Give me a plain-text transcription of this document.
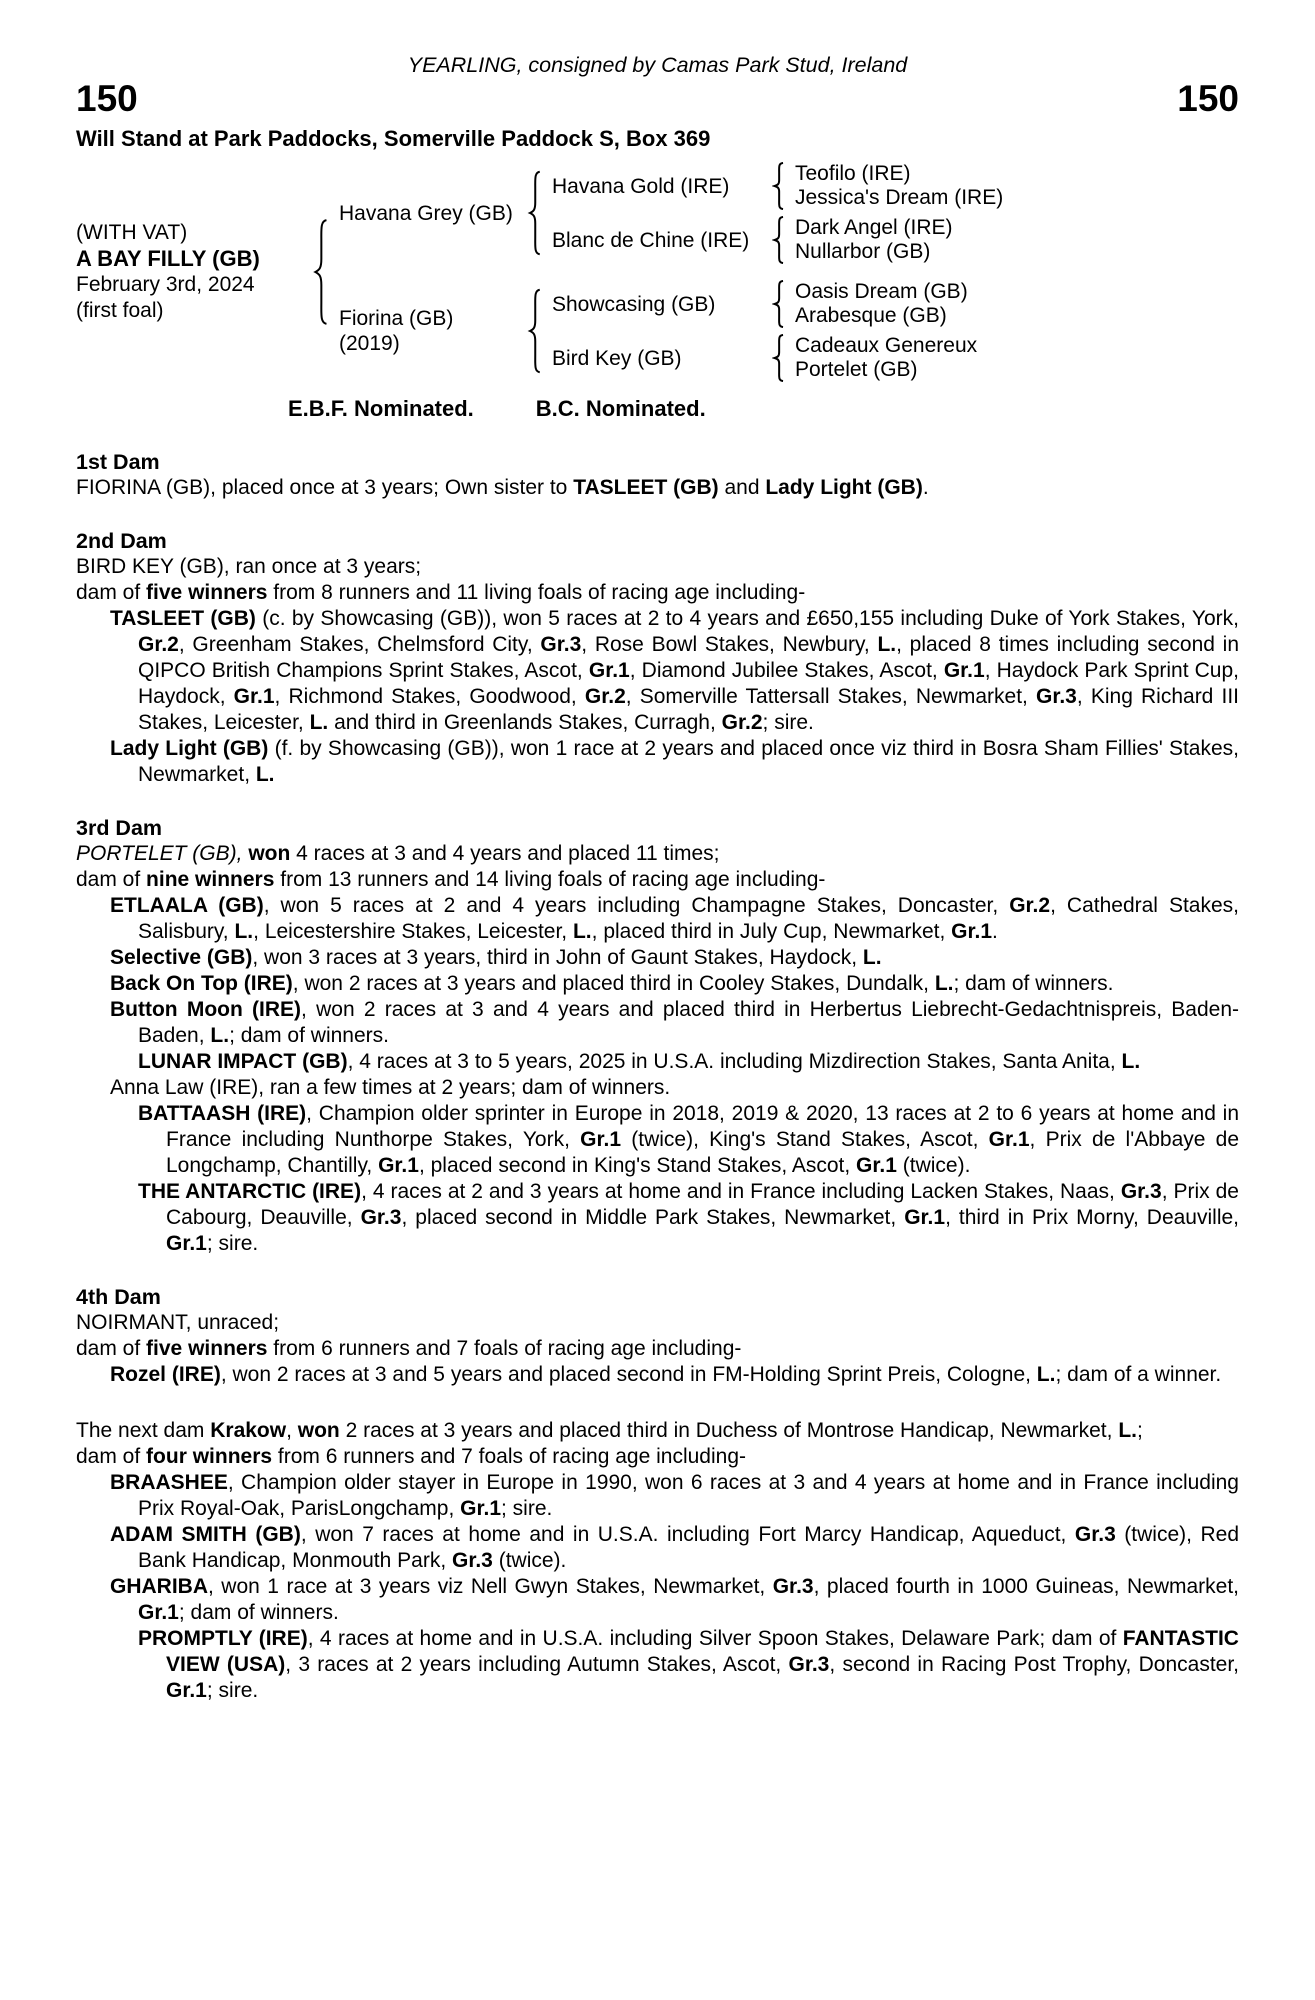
YEARLING, consigned by Camas Park Stud, Ireland
150	150
Will Stand at Park Paddocks, Somerville Paddock S, Box 369
(WITH VAT)
A BAY FILLY (GB)
February 3rd, 2024
(first foal)
Havana Grey (GB)
Havana Gold (IRE)
Teofilo (IRE)
Jessica's Dream (IRE)
Blanc de Chine (IRE)
Dark Angel (IRE)
Nullarbor (GB)
Fiorina (GB)
(2019)
Showcasing (GB)
Oasis Dream (GB)
Arabesque (GB)
Bird Key (GB)
Cadeaux Genereux
Portelet (GB)
E.B.F. Nominated.	B.C. Nominated.
1st Dam

FIORINA (GB), placed once at 3 years; Own sister to TASLEET (GB) and Lady Light (GB).

2nd Dam

BIRD KEY (GB), ran once at 3 years;

dam of five winners from 8 runners and 11 living foals of racing age including-

TASLEET (GB) (c. by Showcasing (GB)), won 5 races at 2 to 4 years and £650,155 including Duke of York Stakes, York, Gr.2, Greenham Stakes, Chelmsford City, Gr.3, Rose Bowl Stakes, Newbury, L., placed 8 times including second in QIPCO British Champions Sprint Stakes, Ascot, Gr.1, Diamond Jubilee Stakes, Ascot, Gr.1, Haydock Park Sprint Cup, Haydock, Gr.1, Richmond Stakes, Goodwood, Gr.2, Somerville Tattersall Stakes, Newmarket, Gr.3, King Richard III Stakes, Leicester, L. and third in Greenlands Stakes, Curragh, Gr.2; sire.

Lady Light (GB) (f. by Showcasing (GB)), won 1 race at 2 years and placed once viz third in Bosra Sham Fillies' Stakes, Newmarket, L.

3rd Dam

PORTELET (GB), won 4 races at 3 and 4 years and placed 11 times;

dam of nine winners from 13 runners and 14 living foals of racing age including-

ETLAALA (GB), won 5 races at 2 and 4 years including Champagne Stakes, Doncaster, Gr.2, Cathedral Stakes, Salisbury, L., Leicestershire Stakes, Leicester, L., placed third in July Cup, Newmarket, Gr.1.

Selective (GB), won 3 races at 3 years, third in John of Gaunt Stakes, Haydock, L.

Back On Top (IRE), won 2 races at 3 years and placed third in Cooley Stakes, Dundalk, L.; dam of winners.

Button Moon (IRE), won 2 races at 3 and 4 years and placed third in Herbertus Liebrecht-Gedachtnispreis, Baden-Baden, L.; dam of winners.

LUNAR IMPACT (GB), 4 races at 3 to 5 years, 2025 in U.S.A. including Mizdirection Stakes, Santa Anita, L.

Anna Law (IRE), ran a few times at 2 years; dam of winners.

BATTAASH (IRE), Champion older sprinter in Europe in 2018, 2019 & 2020, 13 races at 2 to 6 years at home and in France including Nunthorpe Stakes, York, Gr.1 (twice), King's Stand Stakes, Ascot, Gr.1, Prix de l'Abbaye de Longchamp, Chantilly, Gr.1, placed second in King's Stand Stakes, Ascot, Gr.1 (twice).

THE ANTARCTIC (IRE), 4 races at 2 and 3 years at home and in France including Lacken Stakes, Naas, Gr.3, Prix de Cabourg, Deauville, Gr.3, placed second in Middle Park Stakes, Newmarket, Gr.1, third in Prix Morny, Deauville, Gr.1; sire.

4th Dam

NOIRMANT, unraced;

dam of five winners from 6 runners and 7 foals of racing age including-

Rozel (IRE), won 2 races at 3 and 5 years and placed second in FM-Holding Sprint Preis, Cologne, L.; dam of a winner.

The next dam Krakow, won 2 races at 3 years and placed third in Duchess of Montrose Handicap, Newmarket, L.;

dam of four winners from 6 runners and 7 foals of racing age including-

BRAASHEE, Champion older stayer in Europe in 1990, won 6 races at 3 and 4 years at home and in France including Prix Royal-Oak, ParisLongchamp, Gr.1; sire.

ADAM SMITH (GB), won 7 races at home and in U.S.A. including Fort Marcy Handicap, Aqueduct, Gr.3 (twice), Red Bank Handicap, Monmouth Park, Gr.3 (twice).

GHARIBA, won 1 race at 3 years viz Nell Gwyn Stakes, Newmarket, Gr.3, placed fourth in 1000 Guineas, Newmarket, Gr.1; dam of winners.

PROMPTLY (IRE), 4 races at home and in U.S.A. including Silver Spoon Stakes, Delaware Park; dam of FANTASTIC VIEW (USA), 3 races at 2 years including Autumn Stakes, Ascot, Gr.3, second in Racing Post Trophy, Doncaster, Gr.1; sire.
